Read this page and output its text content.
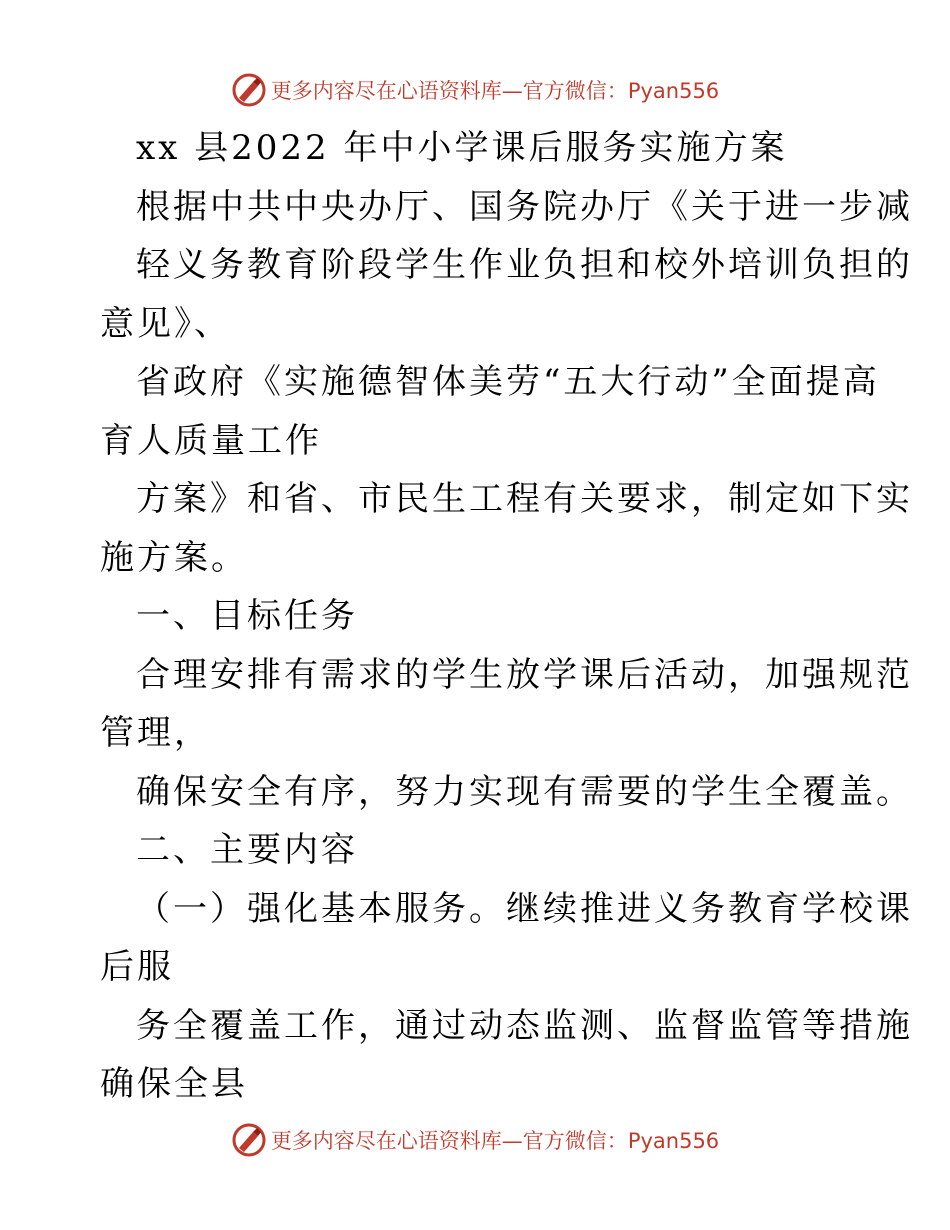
更多内容尽在心语资料库—官方微信：Pyan556
xx 县2022 年中小学课后服务实施方案
根据中共中央办厅、国务院办厅《关于进一步减
轻义务教育阶段学生作业负担和校外培训负担的
意见》、
省政府《实施德智体美劳“五大行动”全面提高
育人质量工作
方案》和省、市民生工程有关要求，制定如下实
施方案。
一、目标任务
合理安排有需求的学生放学课后活动，加强规范
管理，
确保安全有序，努力实现有需要的学生全覆盖。
二、主要内容
（一）强化基本服务。继续推进义务教育学校课
后服
务全覆盖工作，通过动态监测、监督监管等措施
确保全县
更多内容尽在心语资料库—官方微信：Pyan556
